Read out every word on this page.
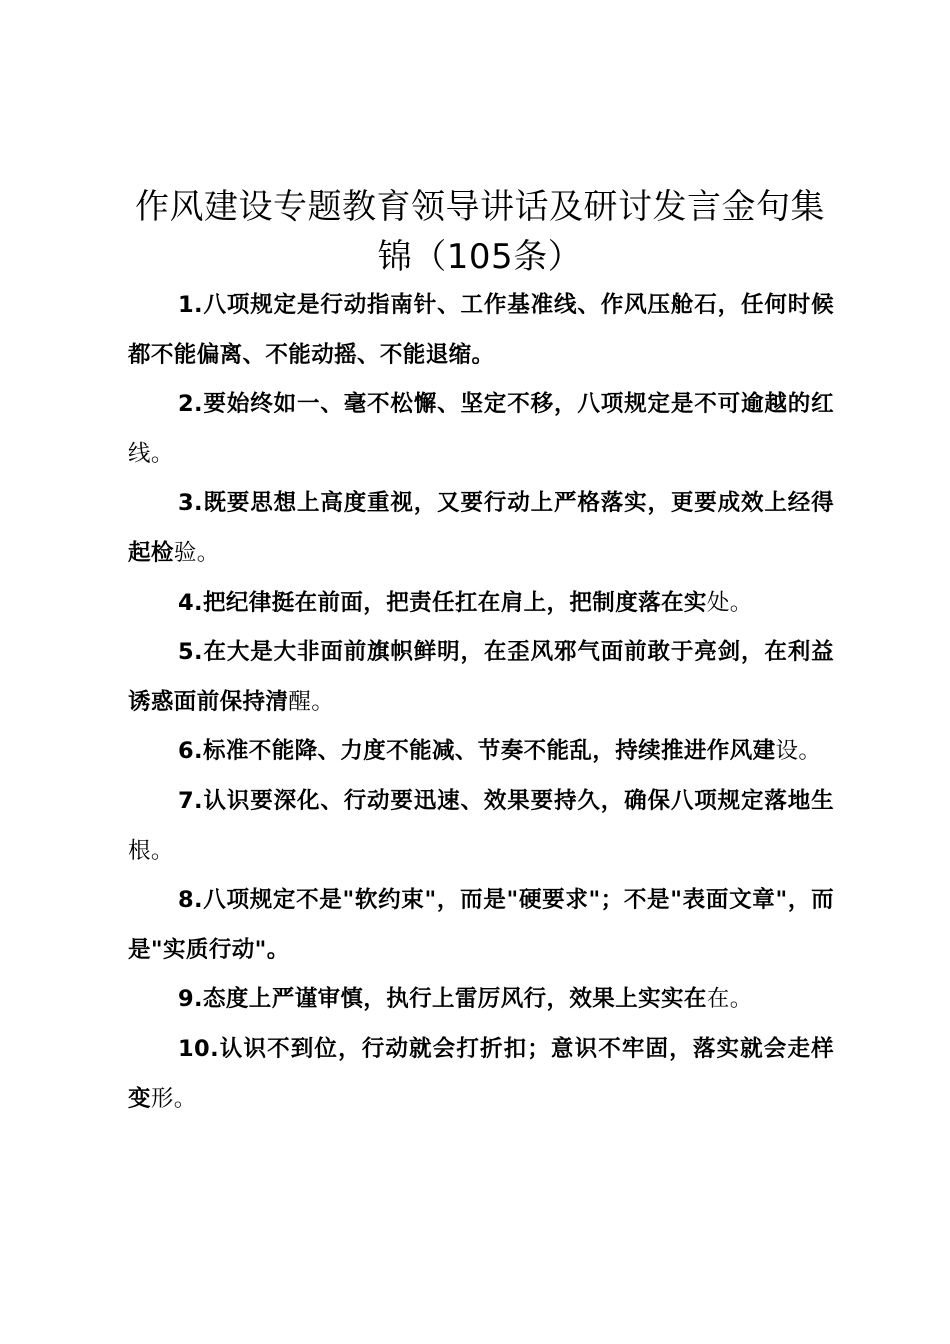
作风建设专题教育领导讲话及研讨发言金句集锦（105条）
1.八项规定是行动指南针、工作基准线、作风压舱石，任何时候都不能偏离、不能动摇、不能退缩。
2.要始终如一、毫不松懈、坚定不移，八项规定是不可逾越的红线。
3.既要思想上高度重视，又要行动上严格落实，更要成效上经得起检验。
4.把纪律挺在前面，把责任扛在肩上，把制度落在实处。
5.在大是大非面前旗帜鲜明，在歪风邪气面前敢于亮剑，在利益诱惑面前保持清醒。
6.标准不能降、力度不能减、节奏不能乱，持续推进作风建设。
7.认识要深化、行动要迅速、效果要持久，确保八项规定落地生根。
8.八项规定不是"软约束"，而是"硬要求"；不是"表面文章"，而是"实质行动"。
9.态度上严谨审慎，执行上雷厉风行，效果上实实在在。
10.认识不到位，行动就会打折扣；意识不牢固，落实就会走样变形。
